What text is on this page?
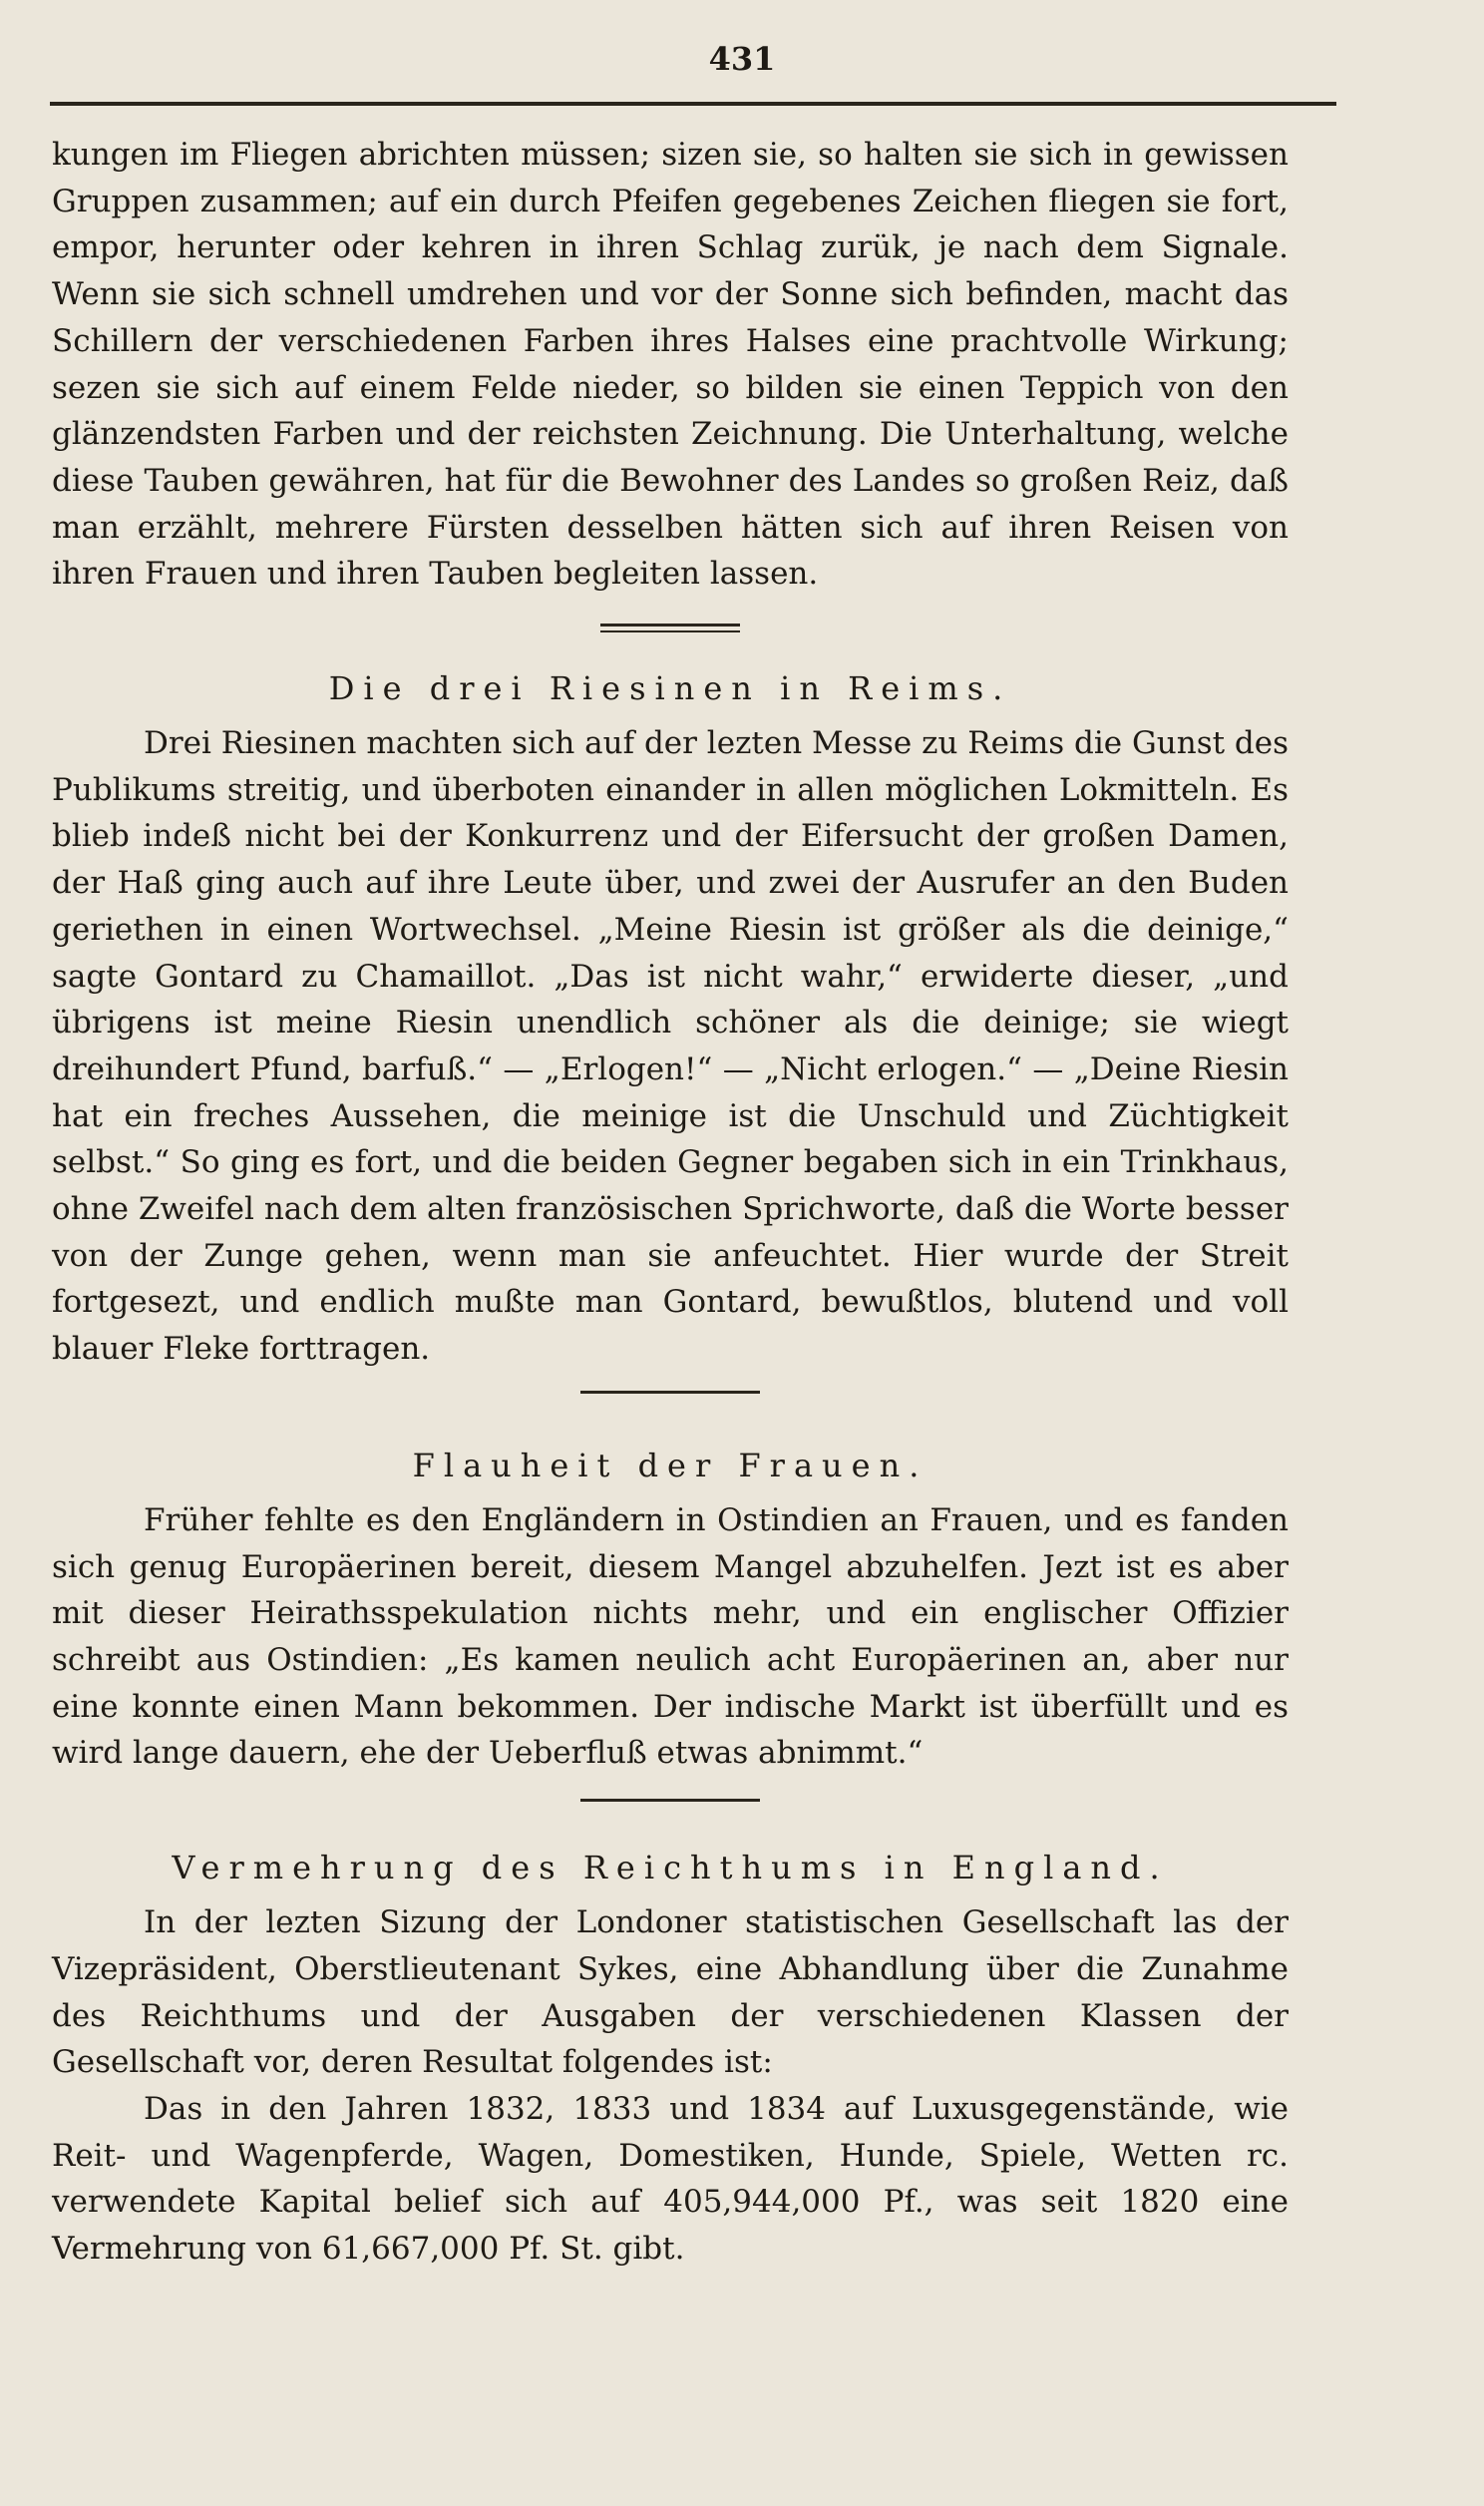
431

kungen im Fliegen abrichten müssen; sizen sie, so halten sie sich in gewissen Gruppen zusammen; auf ein durch Pfeifen gegebenes Zeichen fliegen sie fort, empor, herunter oder kehren in ihren Schlag zurük, je nach dem Signale. Wenn sie sich schnell umdrehen und vor der Sonne sich befinden, macht das Schillern der verschiedenen Farben ihres Halses eine prachtvolle Wirkung; sezen sie sich auf einem Felde nieder, so bilden sie einen Teppich von den glänzendsten Farben und der reichsten Zeichnung. Die Unterhaltung, welche diese Tauben gewähren, hat für die Bewohner des Landes so großen Reiz, daß man erzählt, mehrere Fürsten desselben hätten sich auf ihren Reisen von ihren Frauen und ihren Tauben begleiten lassen.

Die drei Riesinen in Reims.

Drei Riesinen machten sich auf der lezten Messe zu Reims die Gunst des Publikums streitig, und überboten einander in allen möglichen Lokmitteln. Es blieb indeß nicht bei der Konkurrenz und der Eifersucht der großen Damen, der Haß ging auch auf ihre Leute über, und zwei der Ausrufer an den Buden geriethen in einen Wortwechsel. „Meine Riesin ist größer als die deinige,“ sagte Gontard zu Chamaillot. „Das ist nicht wahr,“ erwiderte dieser, „und übrigens ist meine Riesin unendlich schöner als die deinige; sie wiegt dreihundert Pfund, barfuß.“ — „Erlogen!“ — „Nicht erlogen.“ — „Deine Riesin hat ein freches Aussehen, die meinige ist die Unschuld und Züchtigkeit selbst.“ So ging es fort, und die beiden Gegner begaben sich in ein Trinkhaus, ohne Zweifel nach dem alten französischen Sprichworte, daß die Worte besser von der Zunge gehen, wenn man sie anfeuchtet. Hier wurde der Streit fortgesezt, und endlich mußte man Gontard, bewußtlos, blutend und voll blauer Fleke forttragen.

Flauheit der Frauen.

Früher fehlte es den Engländern in Ostindien an Frauen, und es fanden sich genug Europäerinen bereit, diesem Mangel abzuhelfen. Jezt ist es aber mit dieser Heirathsspekulation nichts mehr, und ein englischer Offizier schreibt aus Ostindien: „Es kamen neulich acht Europäerinen an, aber nur eine konnte einen Mann bekommen. Der indische Markt ist überfüllt und es wird lange dauern, ehe der Ueberfluß etwas abnimmt.“

Vermehrung des Reichthums in England.

In der lezten Sizung der Londoner statistischen Gesellschaft las der Vizepräsident, Oberstlieutenant Sykes, eine Abhandlung über die Zunahme des Reichthums und der Ausgaben der verschiedenen Klassen der Gesellschaft vor, deren Resultat folgendes ist:

Das in den Jahren 1832, 1833 und 1834 auf Luxusgegenstände, wie Reit- und Wagenpferde, Wagen, Domestiken, Hunde, Spiele, Wetten rc. verwendete Kapital belief sich auf 405,944,000 Pf., was seit 1820 eine Vermehrung von 61,667,000 Pf. St. gibt.
